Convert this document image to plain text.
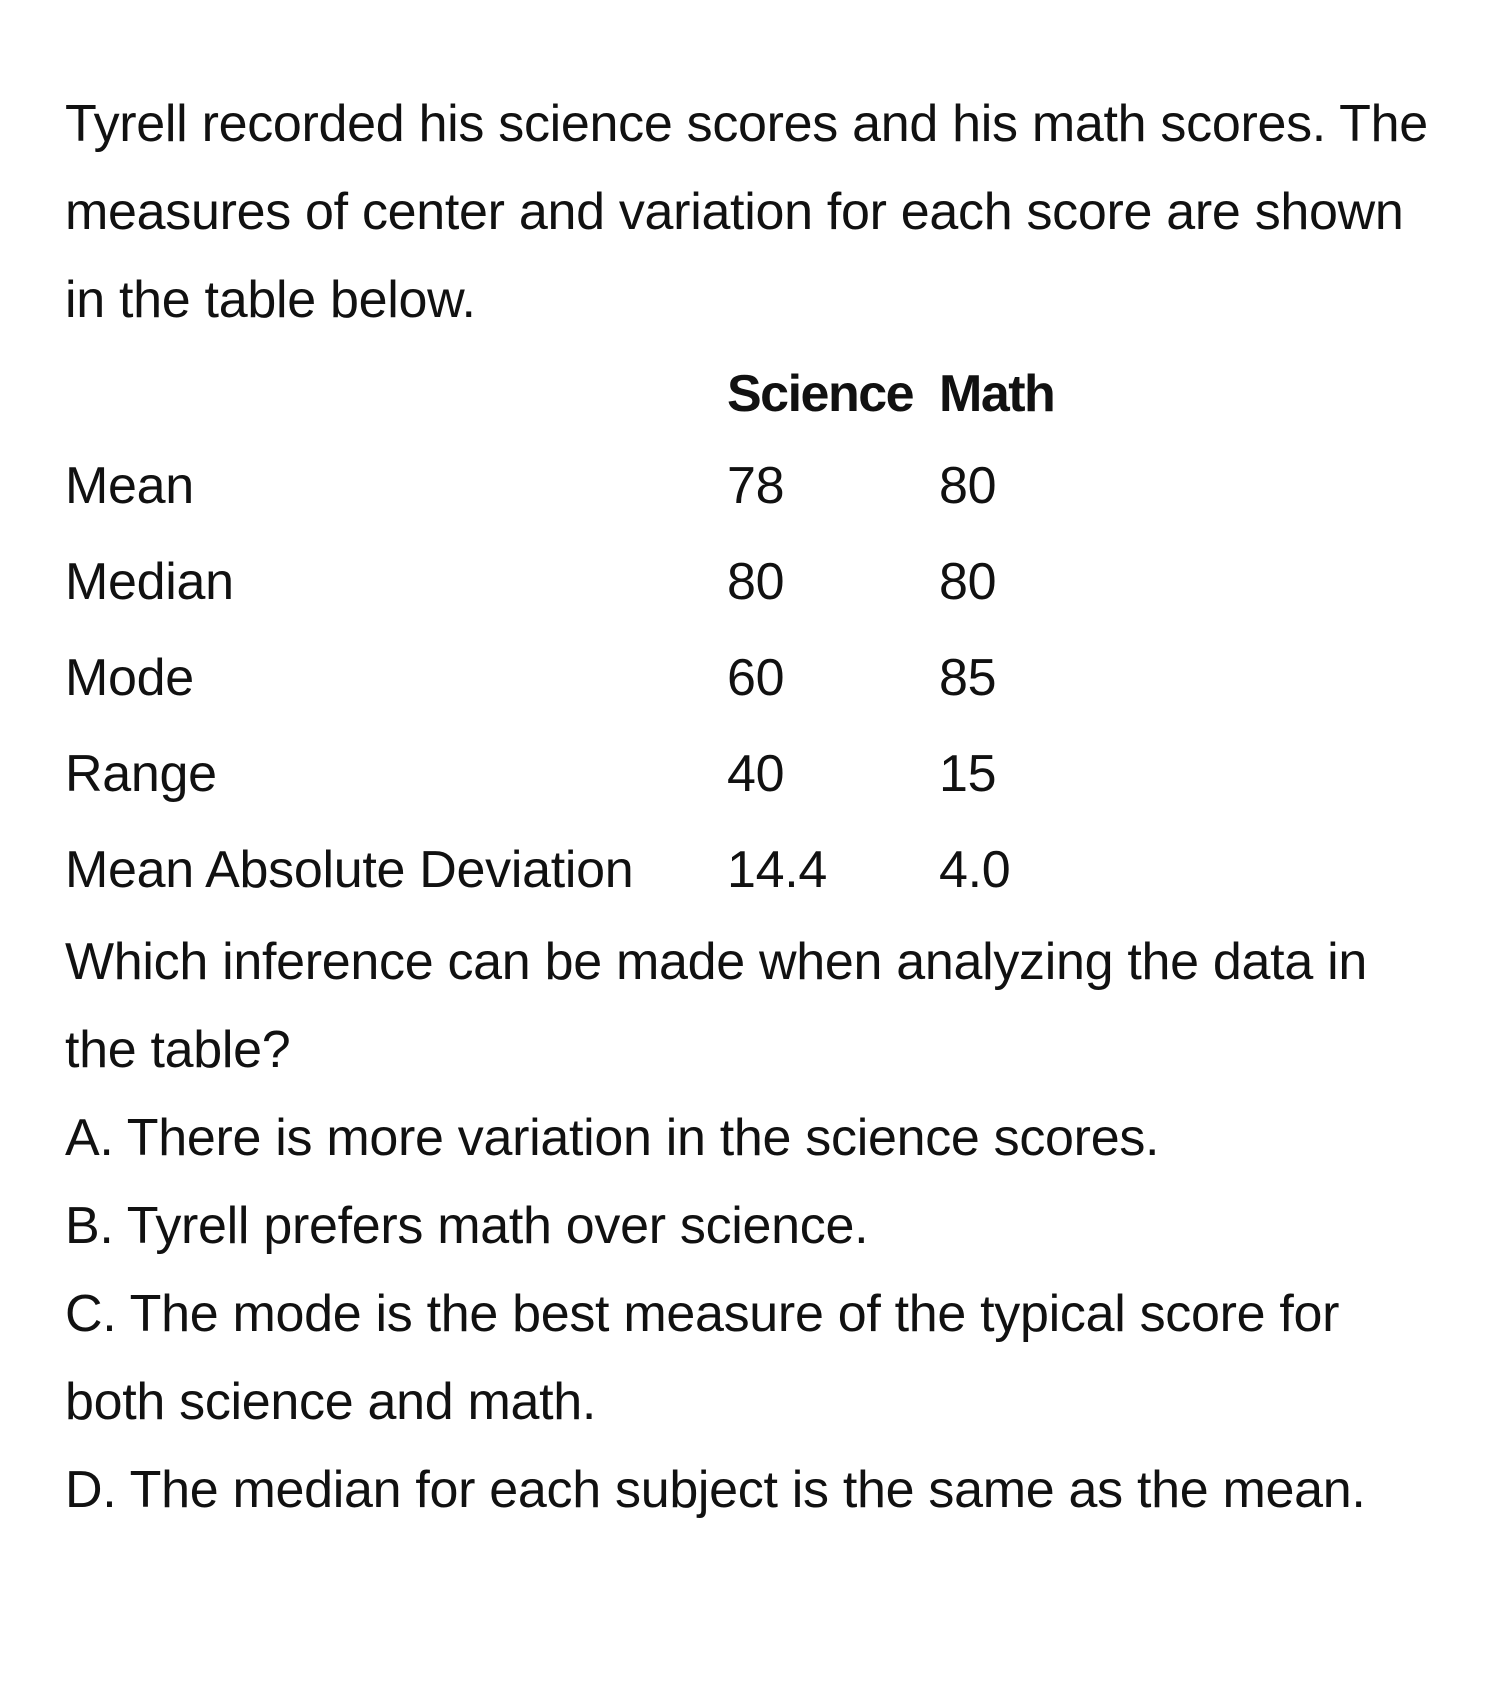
Tyrell recorded his science scores and his math scores. The measures of center and variation for each score are shown in the table below.

	Science	Math
Mean	78	80
Median	80	80
Mode	60	85
Range	40	15
Mean Absolute Deviation	14.4	4.0

Which inference can be made when analyzing the data in the table?

A. There is more variation in the science scores.

B. Tyrell prefers math over science.

C. The mode is the best measure of the typical score for both science and math.

D. The median for each subject is the same as the mean.
